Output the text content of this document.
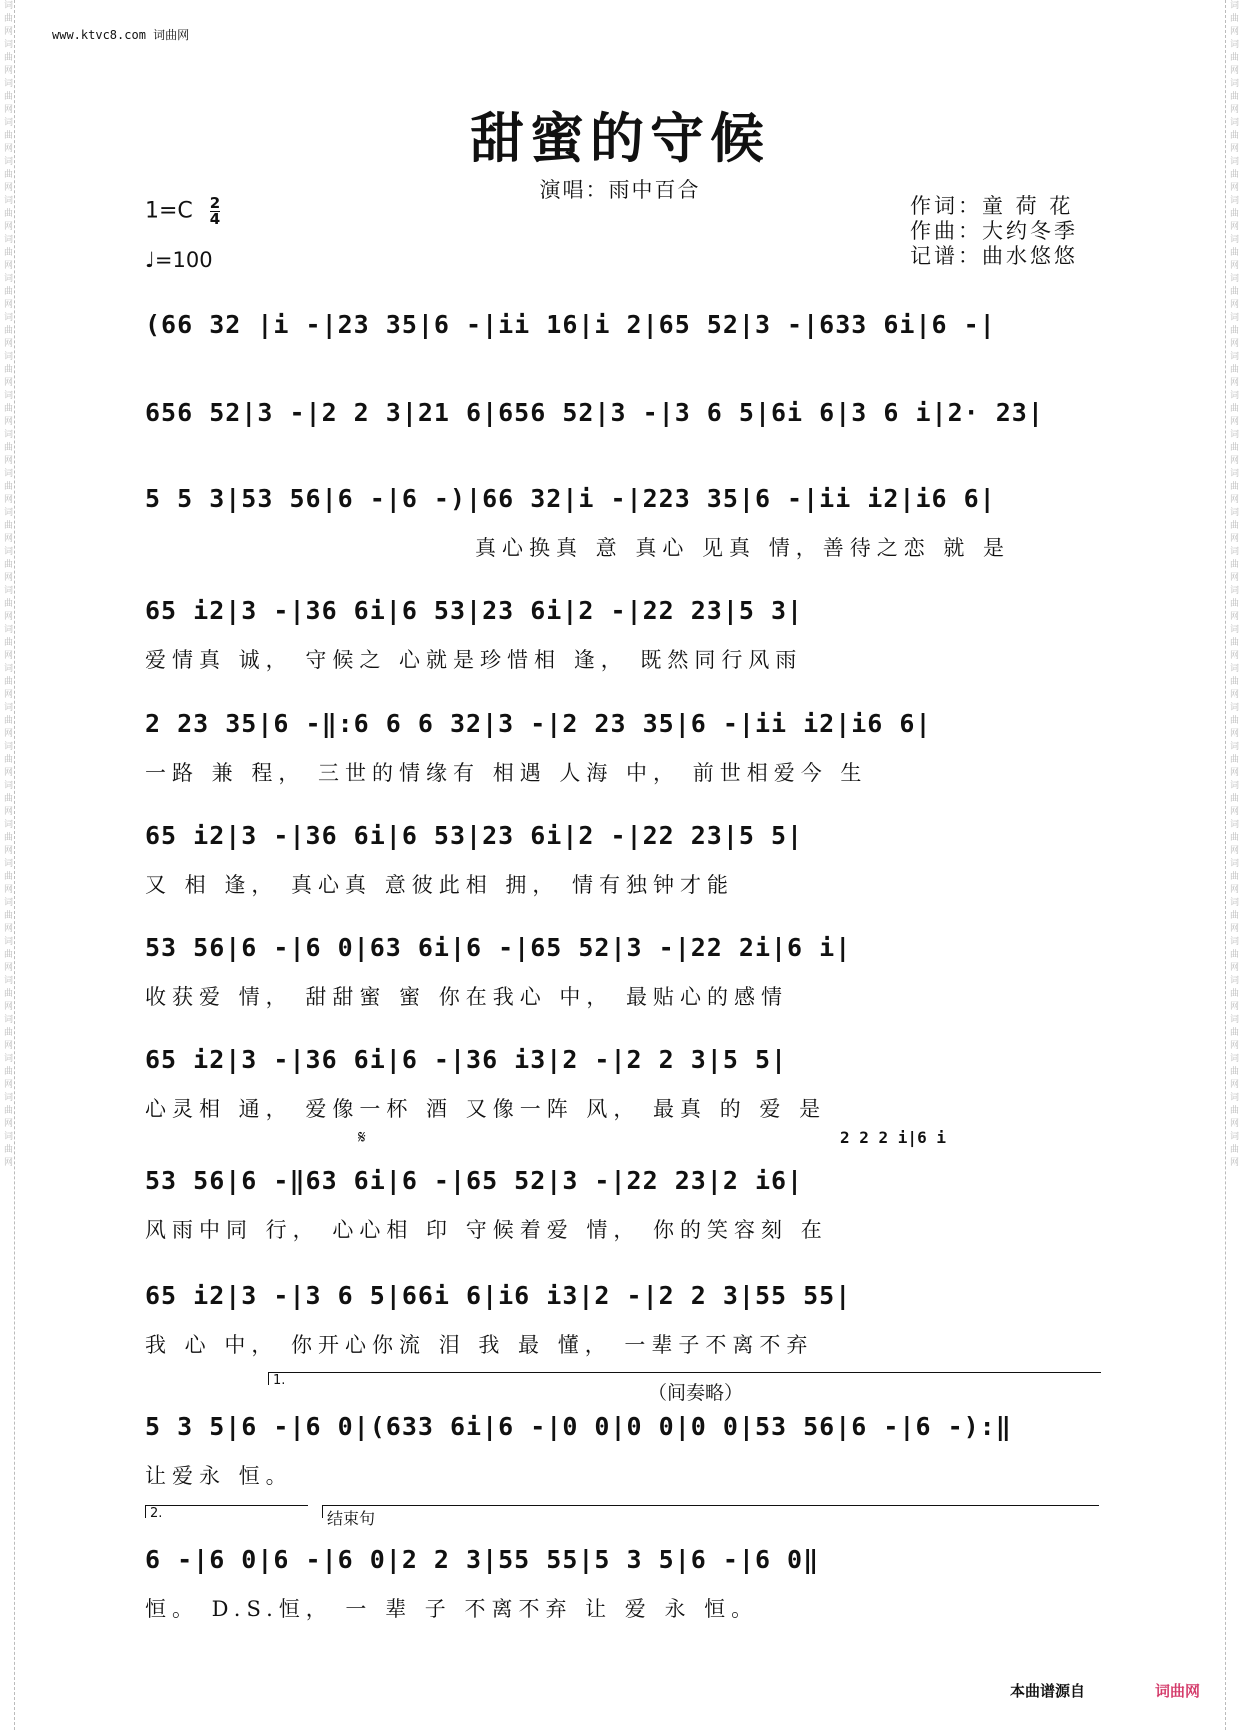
词曲网词曲网词曲网词曲网词曲网词曲网词曲网词曲网词曲网词曲网词曲网词曲网词曲网词曲网词曲网词曲网词曲网词曲网词曲网词曲网词曲网词曲网词曲网词曲网词曲网词曲网词曲网词曲网词曲网词曲网	词曲网词曲网词曲网词曲网词曲网词曲网词曲网词曲网词曲网词曲网词曲网词曲网词曲网词曲网词曲网词曲网词曲网词曲网词曲网词曲网词曲网词曲网词曲网词曲网词曲网词曲网词曲网词曲网词曲网词曲网
www.ktvc8.com 词曲网
甜蜜的守候
演唱：雨中百合
$1=C \frac{2}{4}$
♩=100
作词：童 荷 花
作曲：大约冬季
记谱：曲水悠悠
(66 32 |i -|23 35|6 -|ii 16|i 2|65 52|3 -|633 6i|6 -|
656 52|3 -|2 2 3|21 6|656 52|3 -|3 6 5|6i 6|3 6 i|2· 23|
5 5 3|53 56|6 -|6 -)|66 32|i -|223 35|6 -|ii i2|i6 6|
真心换真 意 真心 见真 情，善待之恋 就 是
65 i2|3 -|36 6i|6 53|23 6i|2 -|22 23|5 3|
爱情真 诚， 守候之 心就是珍惜相 逢， 既然同行风雨
2 23 35|6 -‖:6 6 6 32|3 -|2 23 35|6 -|ii i2|i6 6|
一路 兼 程， 三世的情缘有 相遇 人海 中， 前世相爱今 生
65 i2|3 -|36 6i|6 53|23 6i|2 -|22 23|5 5|
又 相 逢， 真心真 意彼此相 拥， 情有独钟才能
53 56|6 -|6 0|63 6i|6 -|65 52|3 -|22 2i|6 i|
收获爱 情， 甜甜蜜 蜜 你在我心 中， 最贴心的感情
65 i2|3 -|36 6i|6 -|36 i3|2 -|2 2 3|5 5|
心灵相 通， 爱像一杯 酒 又像一阵 风， 最真 的 爱 是
𝄋	2 2 2 i|6 i
53 56|6 -‖63 6i|6 -|65 52|3 -|22 23|2 i6|
风雨中同 行， 心心相 印 守候着爱 情， 你的笑容刻 在
65 i2|3 -|3 6 5|66i 6|i6 i3|2 -|2 2 3|55 55|
我 心 中， 你开心你流 泪 我 最 懂， 一辈子不离不弃
1.
（间奏略）
5 3 5|6 -|6 0|(633 6i|6 -|0 0|0 0|0 0|53 56|6 -|6 -):‖
让爱永 恒。
2.	结束句
6 -|6 0|6 -|6 0|2 2 3|55 55|5 3 5|6 -|6 0‖
恒。 D.S.恒， 一 辈 子 不离不弃 让 爱 永 恒。
本曲谱源自	词曲网
